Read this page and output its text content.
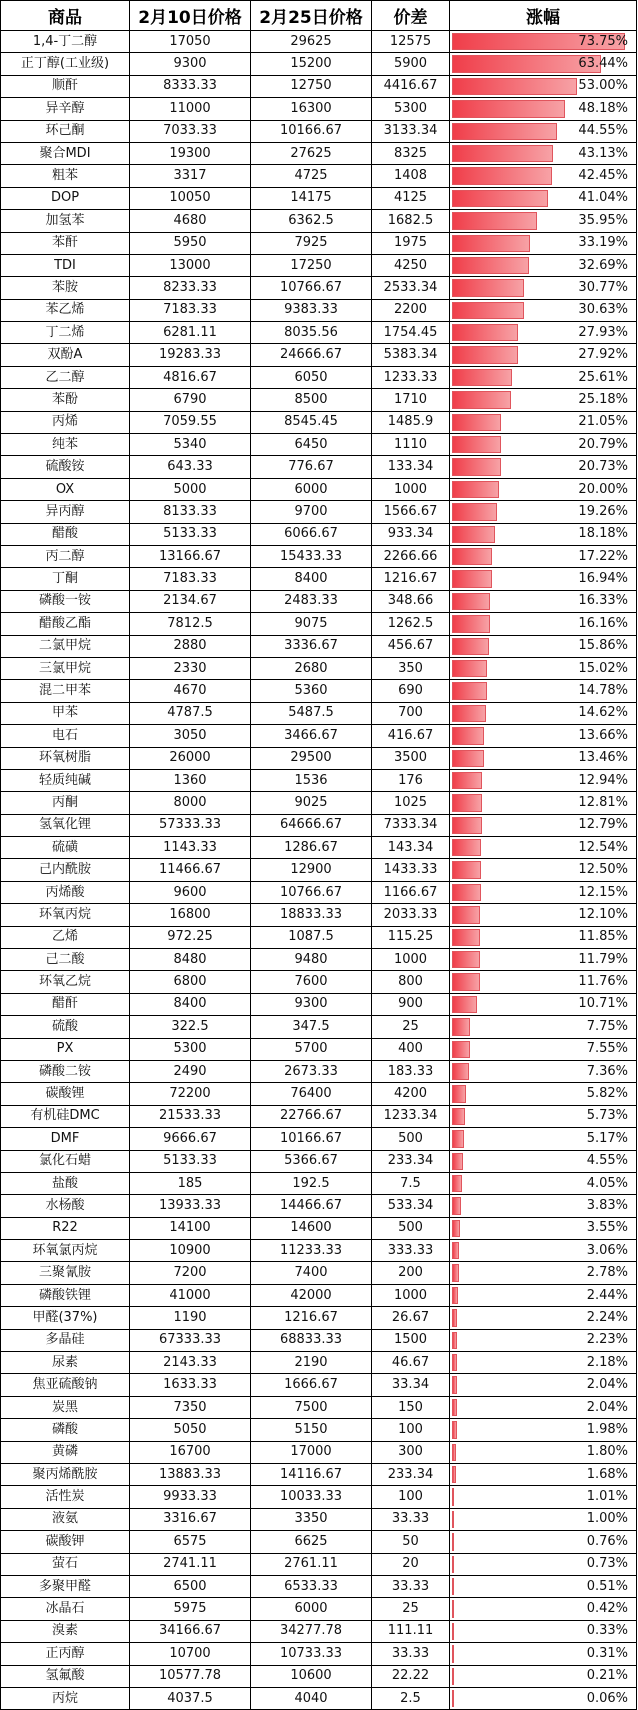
商品	2月10日价格	2月25日价格	价差	涨幅
1,4-丁二醇	17050	29625	12575	73.75%
正丁醇(工业级)	9300	15200	5900	63.44%
顺酐	8333.33	12750	4416.67	53.00%
异辛醇	11000	16300	5300	48.18%
环己酮	7033.33	10166.67	3133.34	44.55%
聚合MDI	19300	27625	8325	43.13%
粗苯	3317	4725	1408	42.45%
DOP	10050	14175	4125	41.04%
加氢苯	4680	6362.5	1682.5	35.95%
苯酐	5950	7925	1975	33.19%
TDI	13000	17250	4250	32.69%
苯胺	8233.33	10766.67	2533.34	30.77%
苯乙烯	7183.33	9383.33	2200	30.63%
丁二烯	6281.11	8035.56	1754.45	27.93%
双酚A	19283.33	24666.67	5383.34	27.92%
乙二醇	4816.67	6050	1233.33	25.61%
苯酚	6790	8500	1710	25.18%
丙烯	7059.55	8545.45	1485.9	21.05%
纯苯	5340	6450	1110	20.79%
硫酸铵	643.33	776.67	133.34	20.73%
OX	5000	6000	1000	20.00%
异丙醇	8133.33	9700	1566.67	19.26%
醋酸	5133.33	6066.67	933.34	18.18%
丙二醇	13166.67	15433.33	2266.66	17.22%
丁酮	7183.33	8400	1216.67	16.94%
磷酸一铵	2134.67	2483.33	348.66	16.33%
醋酸乙酯	7812.5	9075	1262.5	16.16%
二氯甲烷	2880	3336.67	456.67	15.86%
三氯甲烷	2330	2680	350	15.02%
混二甲苯	4670	5360	690	14.78%
甲苯	4787.5	5487.5	700	14.62%
电石	3050	3466.67	416.67	13.66%
环氧树脂	26000	29500	3500	13.46%
轻质纯碱	1360	1536	176	12.94%
丙酮	8000	9025	1025	12.81%
氢氧化锂	57333.33	64666.67	7333.34	12.79%
硫磺	1143.33	1286.67	143.34	12.54%
己内酰胺	11466.67	12900	1433.33	12.50%
丙烯酸	9600	10766.67	1166.67	12.15%
环氧丙烷	16800	18833.33	2033.33	12.10%
乙烯	972.25	1087.5	115.25	11.85%
己二酸	8480	9480	1000	11.79%
环氧乙烷	6800	7600	800	11.76%
醋酐	8400	9300	900	10.71%
硫酸	322.5	347.5	25	7.75%
PX	5300	5700	400	7.55%
磷酸二铵	2490	2673.33	183.33	7.36%
碳酸锂	72200	76400	4200	5.82%
有机硅DMC	21533.33	22766.67	1233.34	5.73%
DMF	9666.67	10166.67	500	5.17%
氯化石蜡	5133.33	5366.67	233.34	4.55%
盐酸	185	192.5	7.5	4.05%
水杨酸	13933.33	14466.67	533.34	3.83%
R22	14100	14600	500	3.55%
环氧氯丙烷	10900	11233.33	333.33	3.06%
三聚氰胺	7200	7400	200	2.78%
磷酸铁锂	41000	42000	1000	2.44%
甲醛(37%)	1190	1216.67	26.67	2.24%
多晶硅	67333.33	68833.33	1500	2.23%
尿素	2143.33	2190	46.67	2.18%
焦亚硫酸钠	1633.33	1666.67	33.34	2.04%
炭黑	7350	7500	150	2.04%
磷酸	5050	5150	100	1.98%
黄磷	16700	17000	300	1.80%
聚丙烯酰胺	13883.33	14116.67	233.34	1.68%
活性炭	9933.33	10033.33	100	1.01%
液氨	3316.67	3350	33.33	1.00%
碳酸钾	6575	6625	50	0.76%
萤石	2741.11	2761.11	20	0.73%
多聚甲醛	6500	6533.33	33.33	0.51%
冰晶石	5975	6000	25	0.42%
溴素	34166.67	34277.78	111.11	0.33%
正丙醇	10700	10733.33	33.33	0.31%
氢氟酸	10577.78	10600	22.22	0.21%
丙烷	4037.5	4040	2.5	0.06%
